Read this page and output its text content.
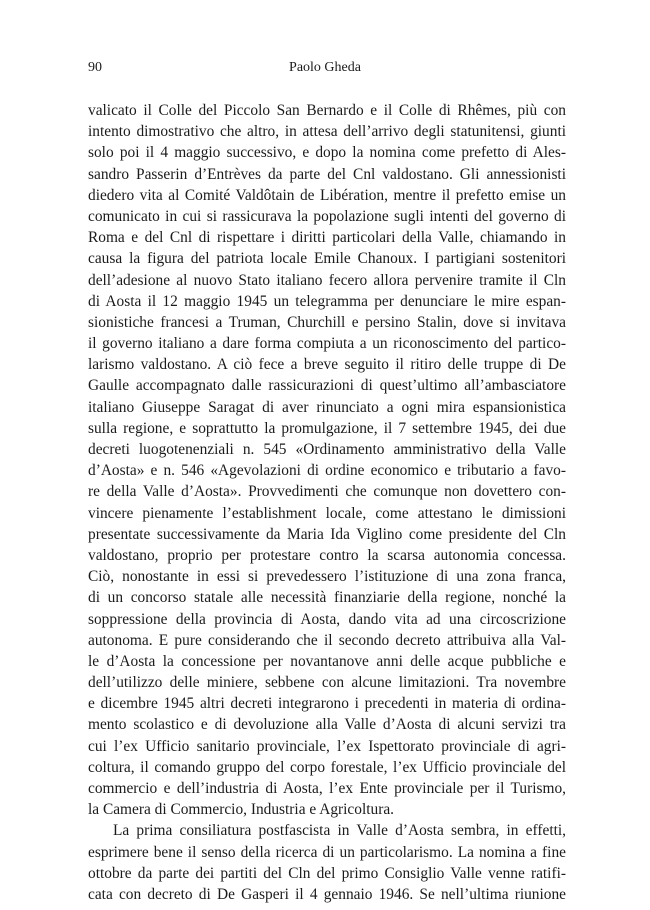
90	Paolo Gheda
valicato il Colle del Piccolo San Bernardo e il Colle di Rhêmes, più con
intento dimostrativo che altro, in attesa dell’arrivo degli statunitensi, giunti
solo poi il 4 maggio successivo, e dopo la nomina come prefetto di Ales-
sandro Passerin d’Entrèves da parte del Cnl valdostano. Gli annessionisti
diedero vita al Comité Valdôtain de Libération, mentre il prefetto emise un
comunicato in cui si rassicurava la popolazione sugli intenti del governo di
Roma e del Cnl di rispettare i diritti particolari della Valle, chiamando in
causa la figura del patriota locale Emile Chanoux. I partigiani sostenitori
dell’adesione al nuovo Stato italiano fecero allora pervenire tramite il Cln
di Aosta il 12 maggio 1945 un telegramma per denunciare le mire espan-
sionistiche francesi a Truman, Churchill e persino Stalin, dove si invitava
il governo italiano a dare forma compiuta a un riconoscimento del partico-
larismo valdostano. A ciò fece a breve seguito il ritiro delle truppe di De
Gaulle accompagnato dalle rassicurazioni di quest’ultimo all’ambasciatore
italiano Giuseppe Saragat di aver rinunciato a ogni mira espansionistica
sulla regione, e soprattutto la promulgazione, il 7 settembre 1945, dei due
decreti luogotenenziali n. 545 «Ordinamento amministrativo della Valle
d’Aosta» e n. 546 «Agevolazioni di ordine economico e tributario a favo-
re della Valle d’Aosta». Provvedimenti che comunque non dovettero con-
vincere pienamente l’establishment locale, come attestano le dimissioni
presentate successivamente da Maria Ida Viglino come presidente del Cln
valdostano, proprio per protestare contro la scarsa autonomia concessa.
Ciò, nonostante in essi si prevedessero l’istituzione di una zona franca,
di un concorso statale alle necessità finanziarie della regione, nonché la
soppressione della provincia di Aosta, dando vita ad una circoscrizione
autonoma. E pure considerando che il secondo decreto attribuiva alla Val-
le d’Aosta la concessione per novantanove anni delle acque pubbliche e
dell’utilizzo delle miniere, sebbene con alcune limitazioni. Tra novembre
e dicembre 1945 altri decreti integrarono i precedenti in materia di ordina-
mento scolastico e di devoluzione alla Valle d’Aosta di alcuni servizi tra
cui l’ex Ufficio sanitario provinciale, l’ex Ispettorato provinciale di agri-
coltura, il comando gruppo del corpo forestale, l’ex Ufficio provinciale del
commercio e dell’industria di Aosta, l’ex Ente provinciale per il Turismo,
la Camera di Commercio, Industria e Agricoltura.
La prima consiliatura postfascista in Valle d’Aosta sembra, in effetti,
esprimere bene il senso della ricerca di un particolarismo. La nomina a fine
ottobre da parte dei partiti del Cln del primo Consiglio Valle venne ratifi-
cata con decreto di De Gasperi il 4 gennaio 1946. Se nell’ultima riunione
